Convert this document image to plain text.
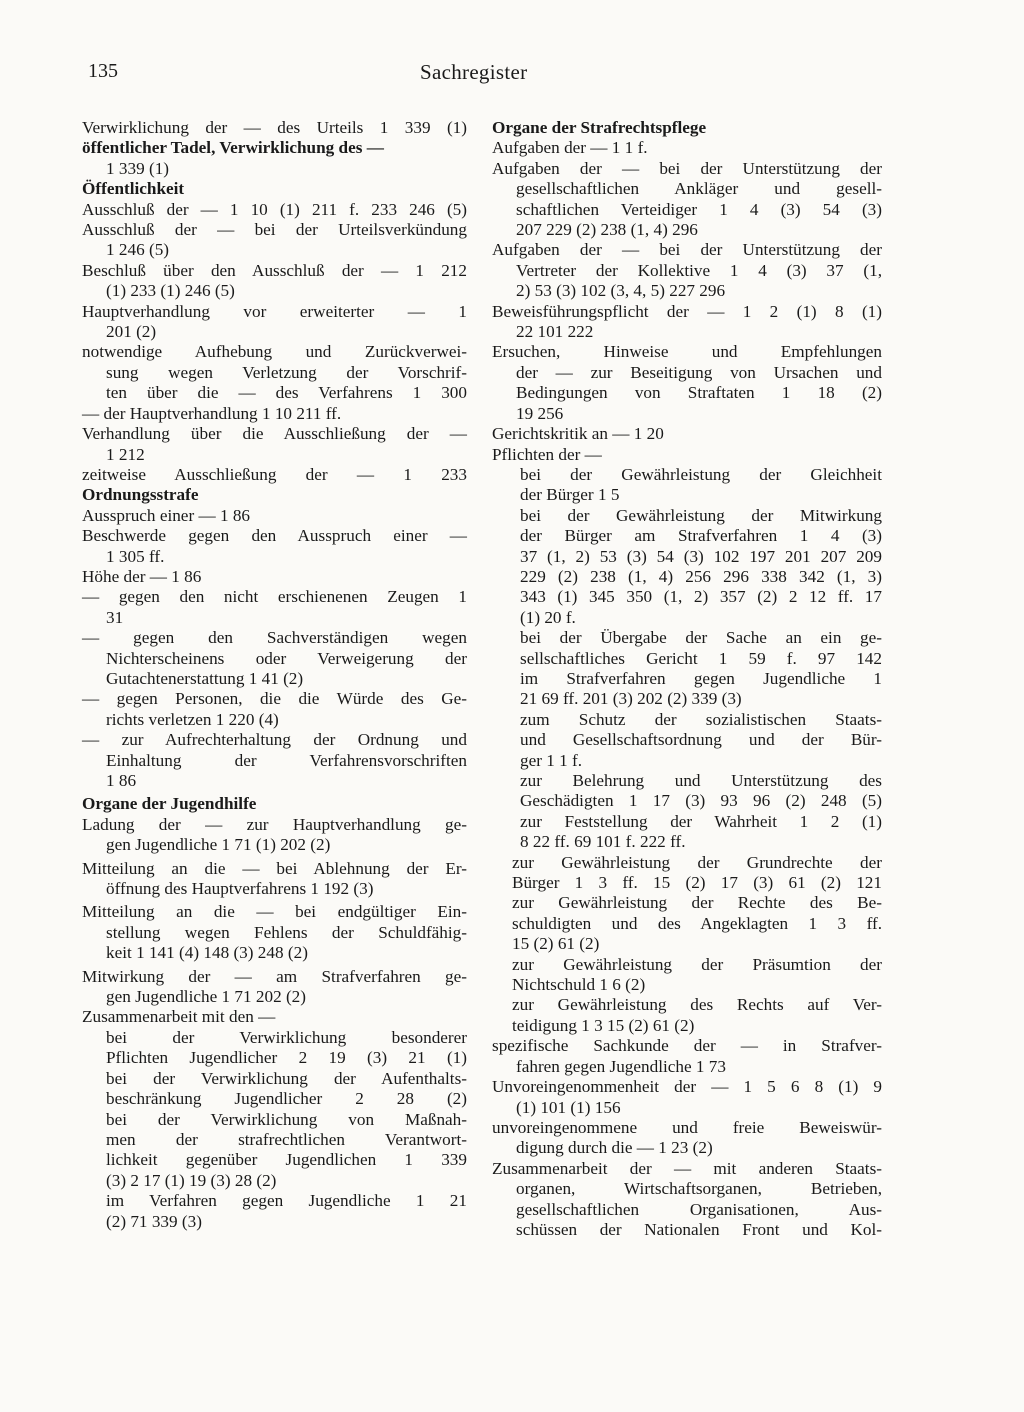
135	Sachregister
Verwirklichung der — des Urteils 1 339 (1)
öffentlicher Tadel, Verwirklichung des —
1 339 (1)
Öffentlichkeit
Ausschluß der — 1 10 (1) 211 f. 233 246 (5)
Ausschluß der — bei der Urteilsverkündung
1 246 (5)
Beschluß über den Ausschluß der — 1 212
(1) 233 (1) 246 (5)
Hauptverhandlung vor erweiterter — 1
201 (2)
notwendige Aufhebung und Zurückverwei-
sung wegen Verletzung der Vorschrif-
ten über die — des Verfahrens 1 300
— der Hauptverhandlung 1 10 211 ff.
Verhandlung über die Ausschließung der —
1 212
zeitweise Ausschließung der — 1 233
Ordnungsstrafe
Ausspruch einer — 1 86
Beschwerde gegen den Ausspruch einer —
1 305 ff.
Höhe der — 1 86
— gegen den nicht erschienenen Zeugen 1
31
— gegen den Sachverständigen wegen
Nichterscheinens oder Verweigerung der
Gutachtenerstattung 1 41 (2)
— gegen Personen, die die Würde des Ge-
richts verletzen 1 220 (4)
— zur Aufrechterhaltung der Ordnung und
Einhaltung der Verfahrensvorschriften
1 86
Organe der Jugendhilfe
Ladung der — zur Hauptverhandlung ge-
gen Jugendliche 1 71 (1) 202 (2)
Mitteilung an die — bei Ablehnung der Er-
öffnung des Hauptverfahrens 1 192 (3)
Mitteilung an die — bei endgültiger Ein-
stellung wegen Fehlens der Schuldfähig-
keit 1 141 (4) 148 (3) 248 (2)
Mitwirkung der — am Strafverfahren ge-
gen Jugendliche 1 71 202 (2)
Zusammenarbeit mit den —
bei der Verwirklichung besonderer
Pflichten Jugendlicher 2 19 (3) 21 (1)
bei der Verwirklichung der Aufenthalts-
beschränkung Jugendlicher 2 28 (2)
bei der Verwirklichung von Maßnah-
men der strafrechtlichen Verantwort-
lichkeit gegenüber Jugendlichen 1 339
(3) 2 17 (1) 19 (3) 28 (2)
im Verfahren gegen Jugendliche 1 21
(2) 71 339 (3)
Organe der Strafrechtspflege
Aufgaben der — 1 1 f.
Aufgaben der — bei der Unterstützung der
gesellschaftlichen Ankläger und gesell-
schaftlichen Verteidiger 1 4 (3) 54 (3)
207 229 (2) 238 (1, 4) 296
Aufgaben der — bei der Unterstützung der
Vertreter der Kollektive 1 4 (3) 37 (1,
2) 53 (3) 102 (3, 4, 5) 227 296
Beweisführungspflicht der — 1 2 (1) 8 (1)
22 101 222
Ersuchen, Hinweise und Empfehlungen
der — zur Beseitigung von Ursachen und
Bedingungen von Straftaten 1 18 (2)
19 256
Gerichtskritik an — 1 20
Pflichten der —
bei der Gewährleistung der Gleichheit
der Bürger 1 5
bei der Gewährleistung der Mitwirkung
der Bürger am Strafverfahren 1 4 (3)
37 (1, 2) 53 (3) 54 (3) 102 197 201 207 209
229 (2) 238 (1, 4) 256 296 338 342 (1, 3)
343 (1) 345 350 (1, 2) 357 (2) 2 12 ff. 17
(1) 20 f.
bei der Übergabe der Sache an ein ge-
sellschaftliches Gericht 1 59 f. 97 142
im Strafverfahren gegen Jugendliche 1
21 69 ff. 201 (3) 202 (2) 339 (3)
zum Schutz der sozialistischen Staats-
und Gesellschaftsordnung und der Bür-
ger 1 1 f.
zur Belehrung und Unterstützung des
Geschädigten 1 17 (3) 93 96 (2) 248 (5)
zur Feststellung der Wahrheit 1 2 (1)
8 22 ff. 69 101 f. 222 ff.
zur Gewährleistung der Grundrechte der
Bürger 1 3 ff. 15 (2) 17 (3) 61 (2) 121
zur Gewährleistung der Rechte des Be-
schuldigten und des Angeklagten 1 3 ff.
15 (2) 61 (2)
zur Gewährleistung der Präsumtion der
Nichtschuld 1 6 (2)
zur Gewährleistung des Rechts auf Ver-
teidigung 1 3 15 (2) 61 (2)
spezifische Sachkunde der — in Strafver-
fahren gegen Jugendliche 1 73
Unvoreingenommenheit der — 1 5 6 8 (1) 9
(1) 101 (1) 156
unvoreingenommene und freie Beweiswür-
digung durch die — 1 23 (2)
Zusammenarbeit der — mit anderen Staats-
organen, Wirtschaftsorganen, Betrieben,
gesellschaftlichen Organisationen, Aus-
schüssen der Nationalen Front und Kol-
